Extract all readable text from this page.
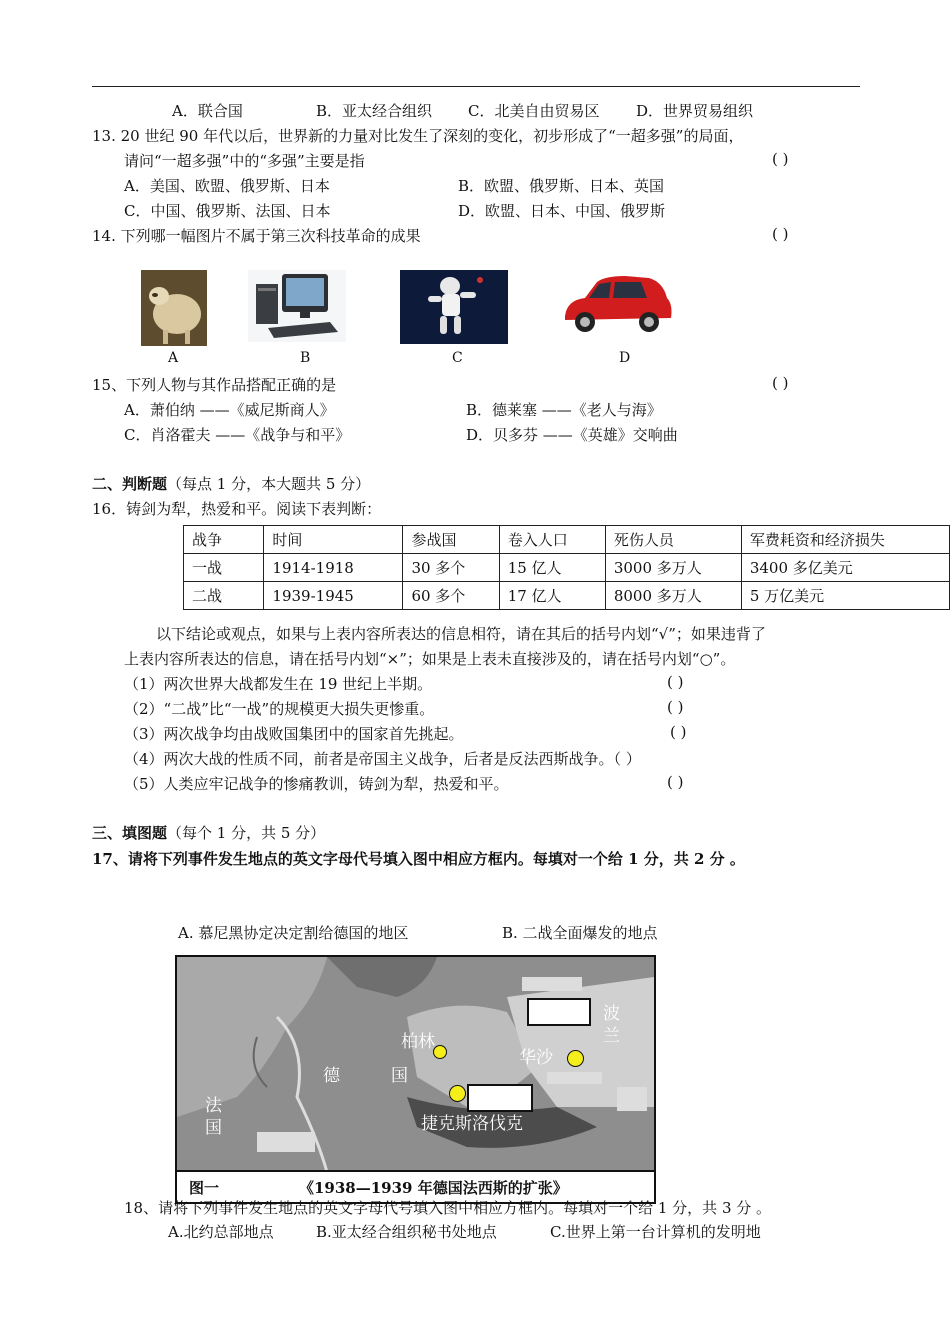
A．联合国	B．亚太经合组织 C．北美自由贸易区 D．世界贸易组织
13. 20 世纪 90 年代以后，世界新的力量对比发生了深刻的变化，初步形成了“一超多强”的局面，
请问“一超多强”中的“多强”主要是指	( )
A．美国、欧盟、俄罗斯、日本	B．欧盟、俄罗斯、日本、英国
C．中国、俄罗斯、法国、日本	D．欧盟、日本、中国、俄罗斯
14. 下列哪一幅图片不属于第三次科技革命的成果	( )
A	B	C	D
15、下列人物与其作品搭配正确的是	( )
A．萧伯纳 ——《威尼斯商人》	B．德莱塞 ——《老人与海》
C．肖洛霍夫 ——《战争与和平》	D．贝多芬 ——《英雄》交响曲
二、判断题（每点 1 分，本大题共 5 分）
16．铸剑为犁，热爱和平。阅读下表判断：
战争	时间	参战国	卷入人口	死伤人员	军费耗资和经济损失
一战	1914-1918	30 多个	15 亿人	3000 多万人	3400 多亿美元
二战	1939-1945	60 多个	17 亿人	8000 多万人	5 万亿美元
以下结论或观点，如果与上表内容所表达的信息相符，请在其后的括号内划“√”；如果违背了
上表内容所表达的信息，请在括号内划“×”；如果是上表未直接涉及的，请在括号内划“○”。
（1）两次世界大战都发生在 19 世纪上半期。	( )
（2）“二战”比“一战”的规模更大损失更惨重。	( )
（3）两次战争均由战败国集团中的国家首先挑起。	( )
（4）两次大战的性质不同，前者是帝国主义战争，后者是反法西斯战争。（ ）
（5）人类应牢记战争的惨痛教训，铸剑为犁，热爱和平。	( )
三、填图题（每个 1 分，共 5 分）
17、请将下列事件发生地点的英文字母代号填入图中相应方框内。每填对一个给 1 分，共 2 分 。
A. 慕尼黑协定决定割给德国的地区	B. 二战全面爆发的地点
柏林
德	国
法
国
华沙
波
兰
捷克斯洛伐克
图一	《1938—1939 年德国法西斯的扩张》
18、请将下列事件发生地点的英文字母代号填入图中相应方框内。每填对一个给 1 分，共 3 分 。
A.北约总部地点	B.亚太经合组织秘书处地点	C.世界上第一台计算机的发明地
